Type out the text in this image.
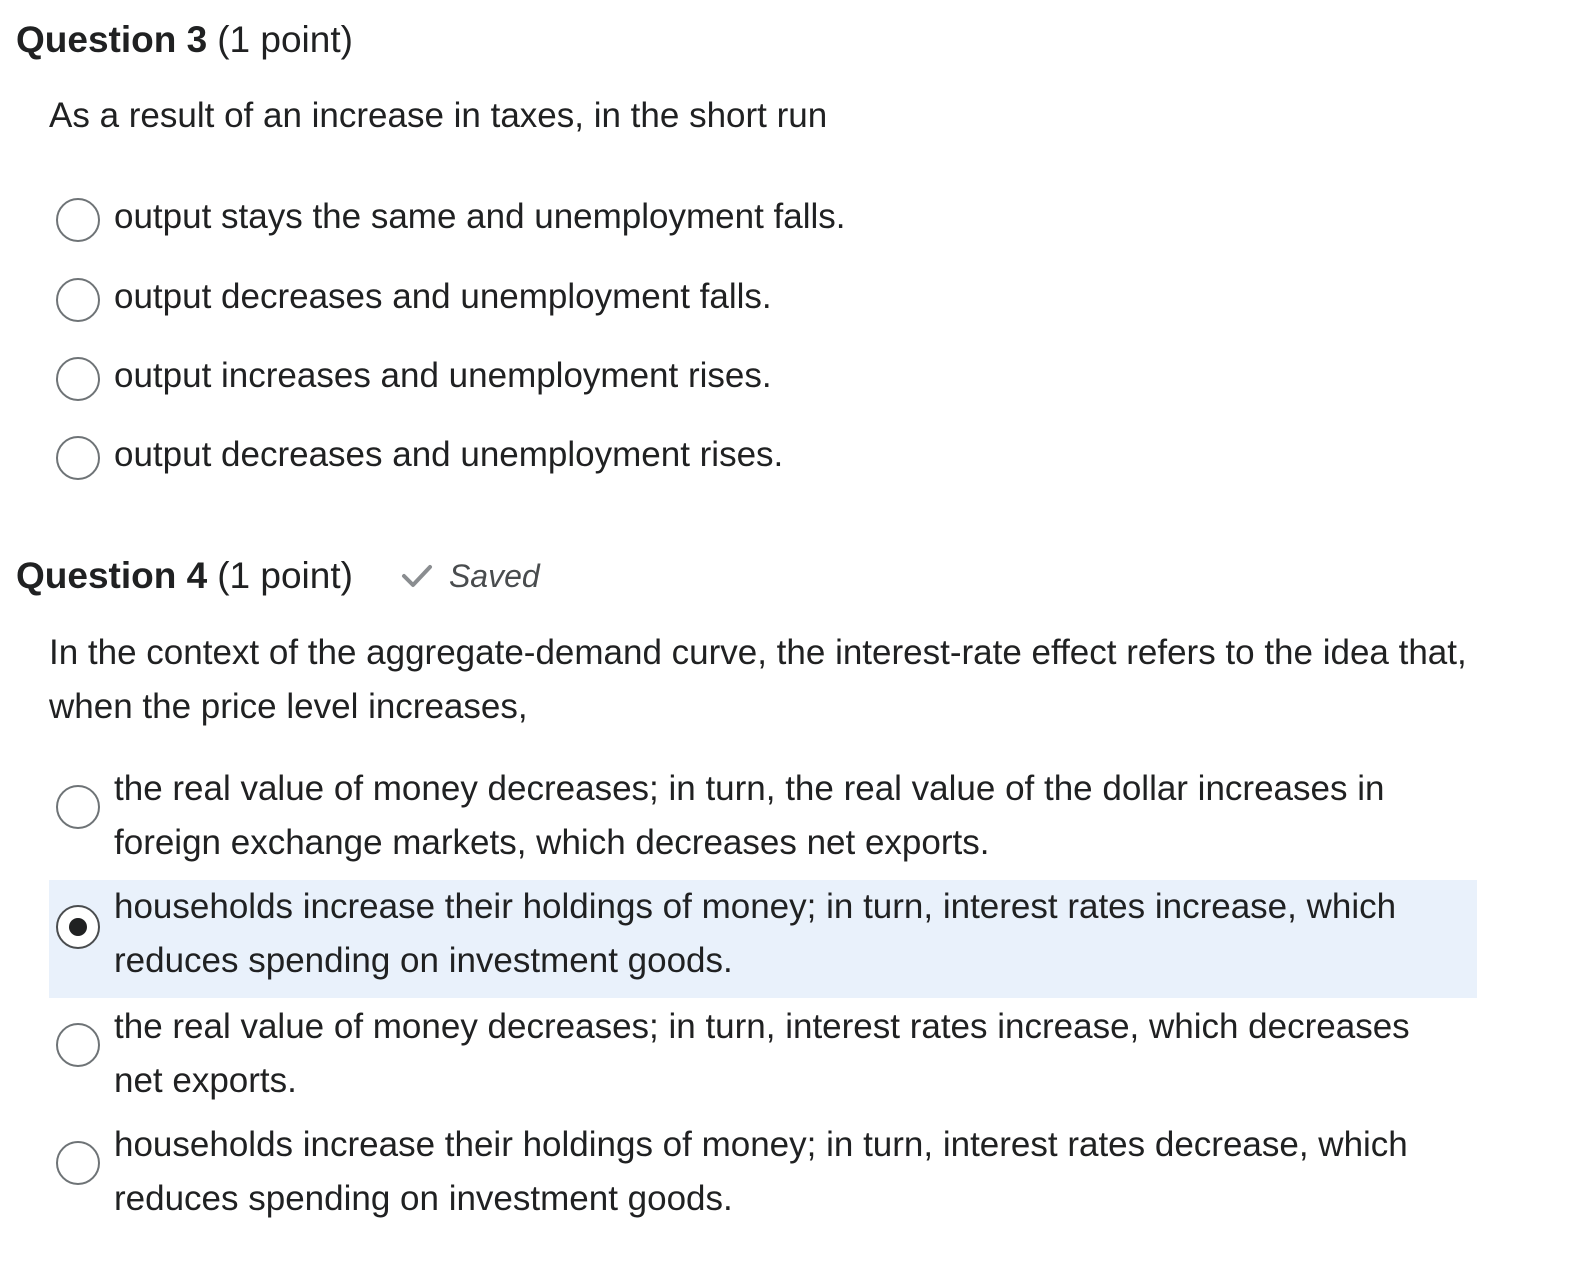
Question 3 (1 point)
As a result of an increase in taxes, in the short run
output stays the same and unemployment falls.
output decreases and unemployment falls.
output increases and unemployment rises.
output decreases and unemployment rises.
Question 4 (1 point)	Saved
In the context of the aggregate-demand curve, the interest-rate effect refers to the idea that, when the price level increases,
the real value of money decreases; in turn, the real value of the dollar increases in foreign exchange markets, which decreases net exports.
households increase their holdings of money; in turn, interest rates increase, which reduces spending on investment goods.
the real value of money decreases; in turn, interest rates increase, which decreases net exports.
households increase their holdings of money; in turn, interest rates decrease, which reduces spending on investment goods.
